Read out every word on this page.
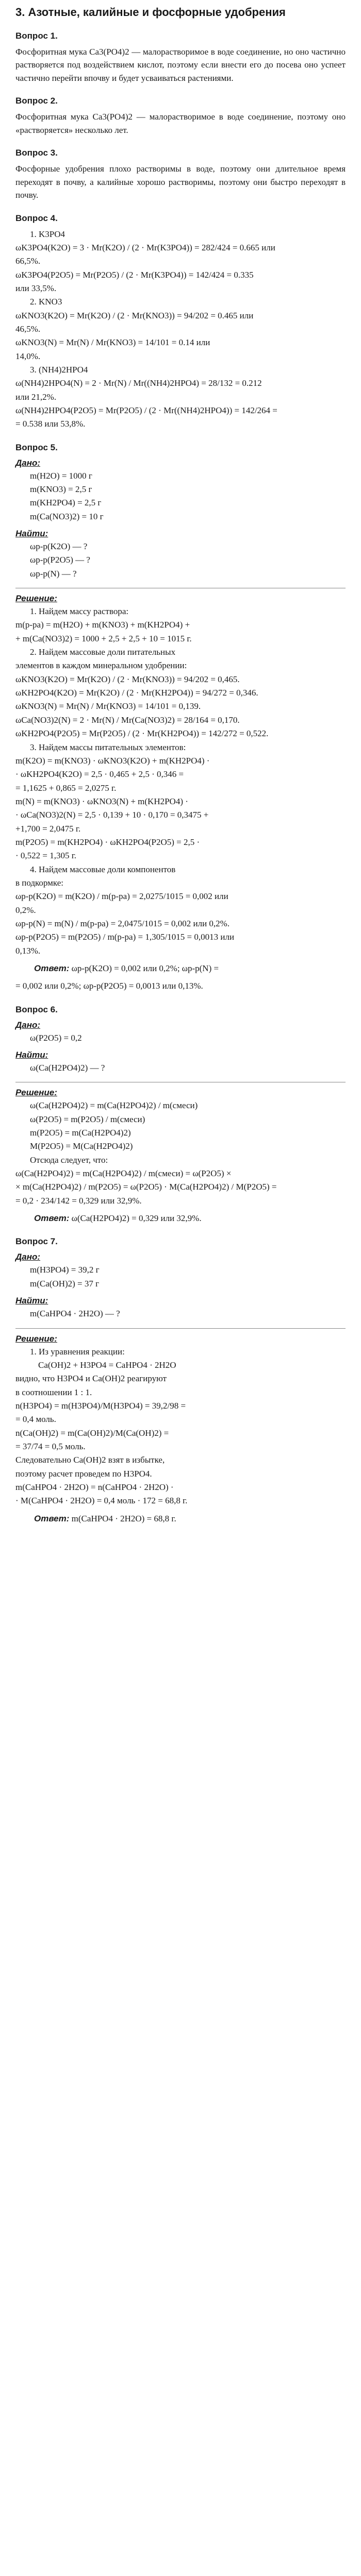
3. Азотные, калийные и фосфорные удобрения
Вопрос 1.

Фосфоритная мука Ca3(PO4)2 — малорастворимое в водe соединение, но оно частично растворяется под воздействием кислот, поэтому если внести его до посева оно успеет частично перейти впочву и будет усваиваться растениями.

Вопрос 2.

Фосфоритная мука Ca3(PO4)2 — малорастворимое в водe соединение, поэтому оно «растворяется» несколько лет.

Вопрос 3.

Фосфорные удобрения плохо растворимы в воде, поэтому они длительное время переходят в почву, а калийные хорошо растворимы, поэтому они быстро переходят в почву.

Вопрос 4.
1. K3PO4
ωK3PO4(K2O) = 3 · Mr(K2O) / (2 · Mr(K3PO4)) = 282/424 = 0.665 или
66,5%.
ωK3PO4(P2O5) = Mr(P2O5) / (2 · Mr(K3PO4)) = 142/424 = 0.335
или 33,5%.
2. KNO3
ωKNO3(K2O) = Mr(K2O) / (2 · Mr(KNO3)) = 94/202 = 0.465 или
46,5%.
ωKNO3(N) = Mr(N) / Mr(KNO3) = 14/101 = 0.14 или
14,0%.
3. (NH4)2HPO4
ω(NH4)2HPO4(N) = 2 · Mr(N) / Mr((NH4)2HPO4) = 28/132 = 0.212
или 21,2%.
ω(NH4)2HPO4(P2O5) = Mr(P2O5) / (2 · Mr((NH4)2HPO4)) = 142/264 =
= 0.538 или 53,8%.
Вопрос 5.
Дано:
m(H2O) = 1000 г
m(KNO3) = 2,5 г
m(KH2PO4) = 2,5 г
m(Ca(NO3)2) = 10 г
Найти:
ωр-р(K2O) — ?
ωр-р(P2O5) — ?
ωр-р(N) — ?
Решение:
1. Найдем массу раствора:
m(р-ра) = m(H2O) + m(KNO3) + m(KH2PO4) +
+ m(Ca(NO3)2) = 1000 + 2,5 + 2,5 + 10 = 1015 г.
2. Найдем массовые доли питательных
элементов в каждом минеральном удобрении:
ωKNO3(K2O) = Mr(K2O) / (2 · Mr(KNO3)) = 94/202 = 0,465.
ωKH2PO4(K2O) = Mr(K2O) / (2 · Mr(KH2PO4)) = 94/272 = 0,346.
ωKNO3(N) = Mr(N) / Mr(KNO3) = 14/101 = 0,139.
ωCa(NO3)2(N) = 2 · Mr(N) / Mr(Ca(NO3)2) = 28/164 = 0,170.
ωKH2PO4(P2O5) = Mr(P2O5) / (2 · Mr(KH2PO4)) = 142/272 = 0,522.
3. Найдем массы питательных элементов:
m(K2O) = m(KNO3) · ωKNO3(K2O) + m(KH2PO4) ·
· ωKH2PO4(K2O) = 2,5 · 0,465 + 2,5 · 0,346 =
= 1,1625 + 0,865 = 2,0275 г.
m(N) = m(KNO3) · ωKNO3(N) + m(KH2PO4) ·
· ωCa(NO3)2(N) = 2,5 · 0,139 + 10 · 0,170 = 0,3475 +
+1,700 = 2,0475 г.
m(P2O5) = m(KH2PO4) · ωKH2PO4(P2O5) = 2,5 ·
· 0,522 = 1,305 г.
4. Найдем массовые доли компонентов
в подкормке:
ωр-р(K2O) = m(K2O) / m(р-ра) = 2,0275/1015 = 0,002 или
0,2%.
ωр-р(N) = m(N) / m(р-ра) = 2,0475/1015 = 0,002 или 0,2%.
ωр-р(P2O5) = m(P2O5) / m(р-ра) = 1,305/1015 = 0,0013 или
0,13%.
Ответ: ωр-р(K2O) = 0,002 или 0,2%; ωр-р(N) =
= 0,002 или 0,2%; ωр-р(P2O5) = 0,0013 или 0,13%.
Вопрос 6.
Дано:
ω(P2O5) = 0,2
Найти:
ω(Ca(H2PO4)2) — ?
Решение:
ω(Ca(H2PO4)2) = m(Ca(H2PO4)2) / m(смеси)
ω(P2O5) = m(P2O5) / m(смеси)
m(P2O5) = m(Ca(H2PO4)2)
M(P2O5) = M(Ca(H2PO4)2)
Отсюда следует, что:
ω(Ca(H2PO4)2) = m(Ca(H2PO4)2) / m(смеси) = ω(P2O5) ×
× m(Ca(H2PO4)2) / m(P2O5) = ω(P2O5) · M(Ca(H2PO4)2) / M(P2O5) =
= 0,2 · 234/142 = 0,329 или 32,9%.
Ответ: ω(Ca(H2PO4)2) = 0,329 или 32,9%.
Вопрос 7.
Дано:
m(H3PO4) = 39,2 г
m(Ca(OH)2) = 37 г
Найти:
m(CaHPO4 · 2H2O) — ?
Решение:
1. Из уравнения реакции:
Ca(OH)2 + H3PO4 = CaHPO4 · 2H2O
видно, что H3PO4 и Ca(OH)2 реагируют
в соотношении 1 : 1.
n(H3PO4) = m(H3PO4)/M(H3PO4) = 39,2/98 =
= 0,4 моль.
n(Ca(OH)2) = m(Ca(OH)2)/M(Ca(OH)2) =
= 37/74 = 0,5 моль.
Следовательно Ca(OH)2 взят в избытке,
поэтому расчет проведем по H3PO4.
m(CaHPO4 · 2H2O) = n(CaHPO4 · 2H2O) ·
· M(CaHPO4 · 2H2O) = 0,4 моль · 172 = 68,8 г.
Ответ: m(CaHPO4 · 2H2O) = 68,8 г.
